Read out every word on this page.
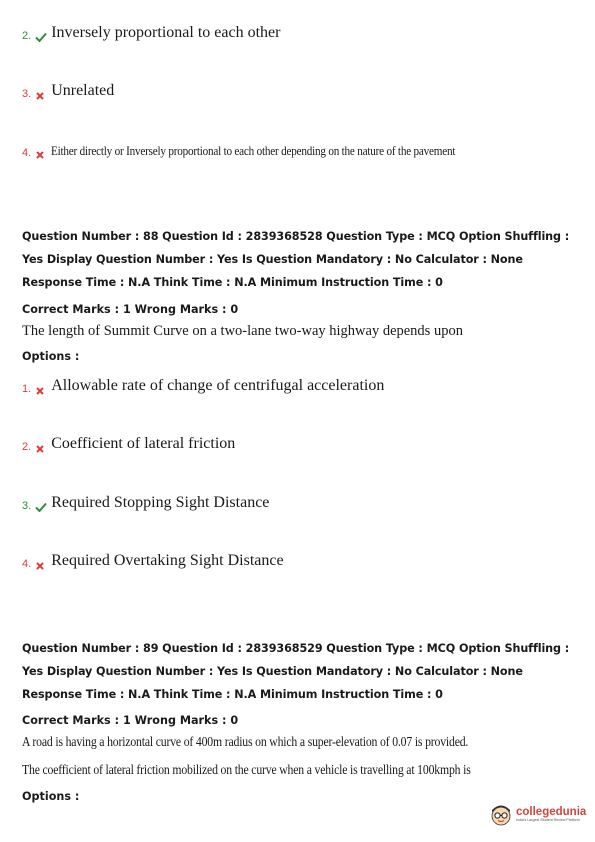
2. Inversely proportional to each other
3. Unrelated
4. Either directly or Inversely proportional to each other depending on the nature of the pavement
Question Number : 88 Question Id : 2839368528 Question Type : MCQ Option Shuffling : Yes Display Question Number : Yes Is Question Mandatory : No Calculator : None Response Time : N.A Think Time : N.A Minimum Instruction Time : 0
Correct Marks : 1 Wrong Marks : 0
The length of Summit Curve on a two-lane two-way highway depends upon
Options :
1. Allowable rate of change of centrifugal acceleration
2. Coefficient of lateral friction
3. Required Stopping Sight Distance
4. Required Overtaking Sight Distance
Question Number : 89 Question Id : 2839368529 Question Type : MCQ Option Shuffling : Yes Display Question Number : Yes Is Question Mandatory : No Calculator : None Response Time : N.A Think Time : N.A Minimum Instruction Time : 0
Correct Marks : 1 Wrong Marks : 0
A road is having a horizontal curve of 400m radius on which a super-elevation of 0.07 is provided.
The coefficient of lateral friction mobilized on the curve when a vehicle is travelling at 100kmph is
Options :
collegedunia
India's Largest Student Review Platform
